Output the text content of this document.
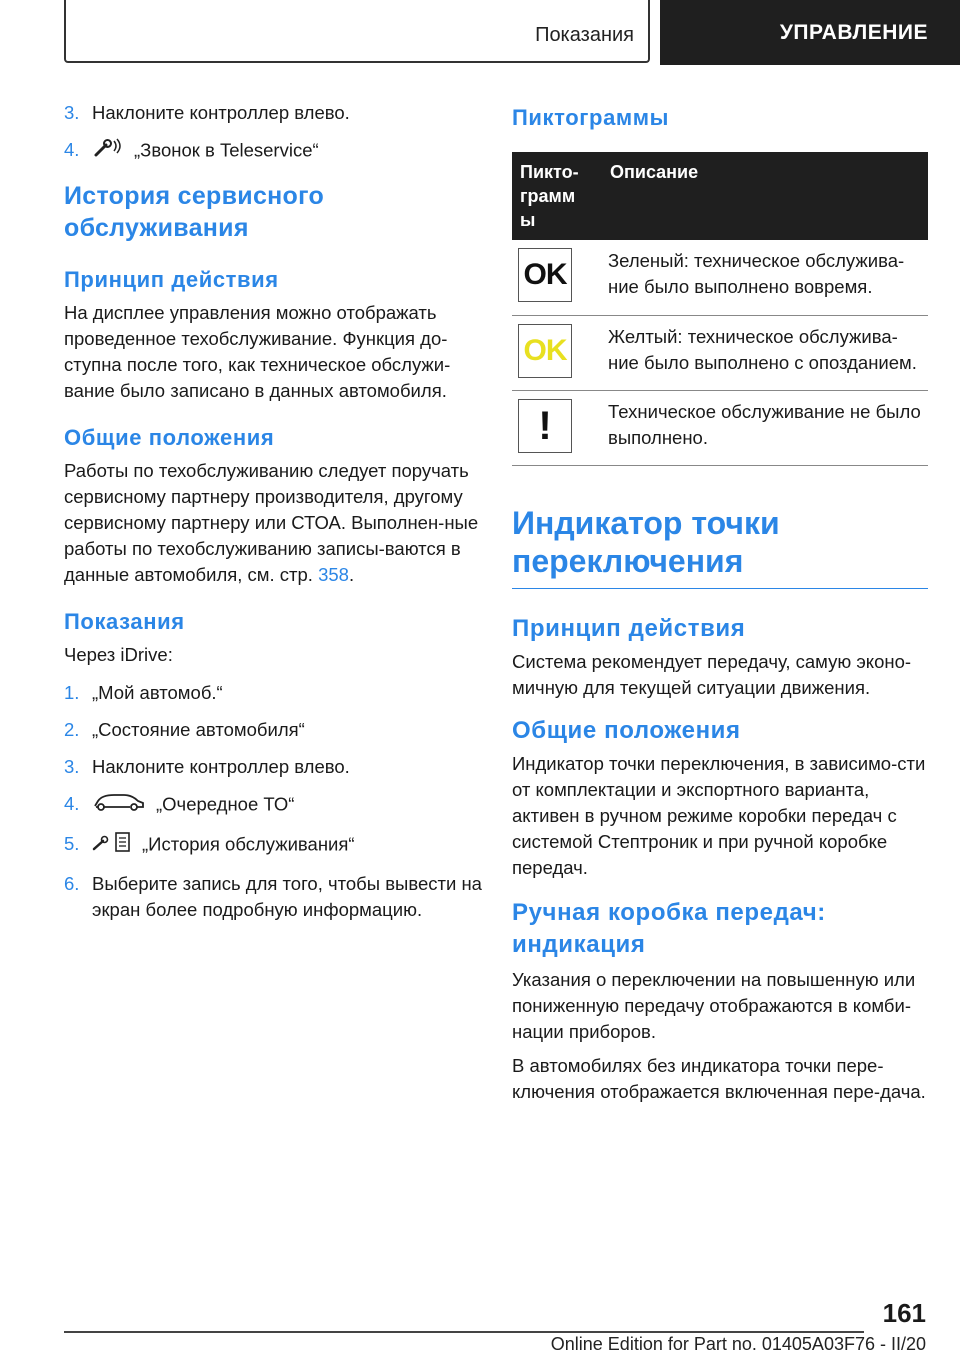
Показания	УПРАВЛЕНИЕ
3. Наклоните контроллер влево.
4.	„Звонок в Teleservice“
История сервисного обслуживания
Принцип действия

На дисплее управления можно отображать проведенное техобслуживание. Функция до-ступна после того, как техническое обслужи-вание было записано в данных автомобиля.

Общие положения

Работы по техобслуживанию следует поручать сервисному партнеру производителя, другому сервисному партнеру или СТОА. Выполнен-ные работы по техобслуживанию записы-ваются в данные автомобиля, см. стр. 358.

Показания

Через iDrive:

1. „Мой автомоб.“
2. „Состояние автомобиля“
3. Наклоните контроллер влево.
4.	„Очередное ТО“
5.	„История обслуживания“
6. Выберите запись для того, чтобы вывести на экран более подробную информацию.
Пиктограммы
Пикто-грамм ы	Описание

OK	Зеленый: техническое обслужива-ние было выполнено вовремя.

OK	Желтый: техническое обслужива-ние было выполнено с опозданием.

!	Техническое обслуживание не было выполнено.
Индикатор точки переключения
Принцип действия

Система рекомендует передачу, самую эконо-мичную для текущей ситуации движения.

Общие положения

Индикатор точки переключения, в зависимо-сти от комплектации и экспортного варианта, активен в ручном режиме коробки передач с системой Стептроник и при ручной коробке передач.

Ручная коробка передач: индикация

Указания о переключении на повышенную или пониженную передачу отображаются в комби-нации приборов.

В автомобилях без индикатора точки пере-ключения отображается включенная пере-дача.

161
Online Edition for Part no. 01405A03F76 - II/20
